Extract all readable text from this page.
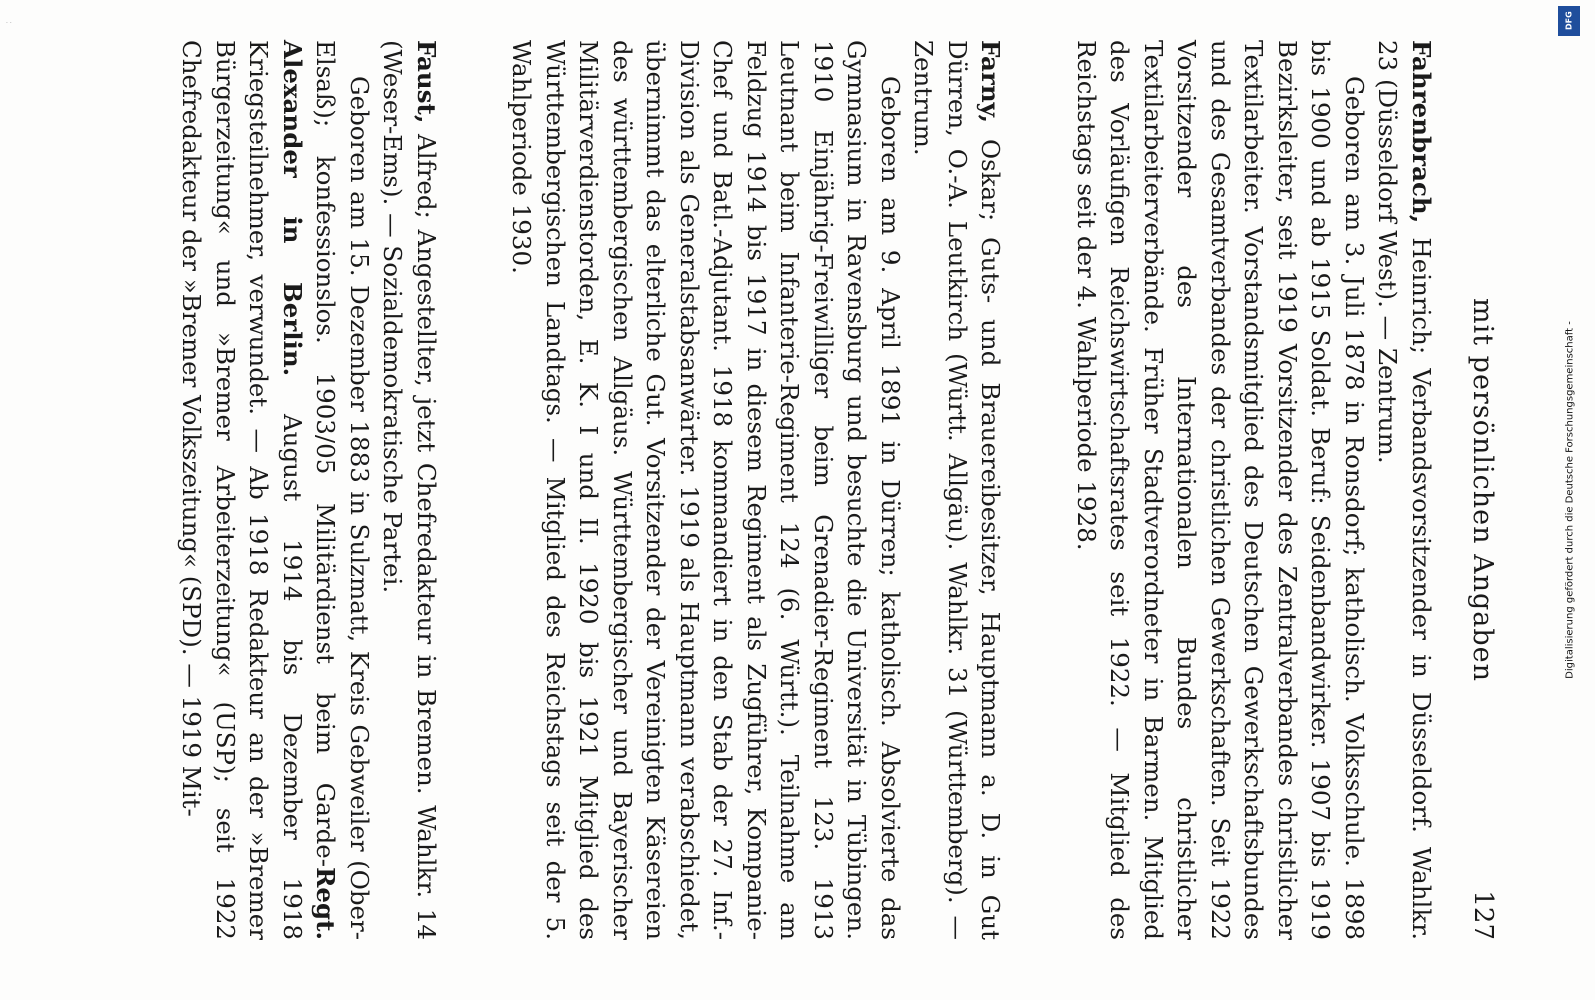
· ·
mit persönlichen Angaben
127

Fahrenbrach, Heinrich; Verbandsvorsitzender in Düsseldorf. Wahlkr. 23 (Düsseldorf West). — Zentrum.

Geboren am 3. Juli 1878 in Ronsdorf; katholisch. Volksschule. 1898 bis 1900 und ab 1915 Soldat. Beruf: Seidenbandwirker. 1907 bis 1919 Bezirksleiter, seit 1919 Vorsitzender des Zentralverbandes christlicher Textilarbeiter. Vorstandsmitglied des Deutschen Gewerkschaftsbundes und des Gesamtverbandes der christlichen Gewerkschaften. Seit 1922 Vorsitzender des Internationalen Bundes christlicher Textilarbeiterverbände. Früher Stadtverordneter in Barmen. Mitglied des Vorläufigen Reichswirtschaftsrates seit 1922. — Mitglied des Reichstags seit der 4. Wahlperiode 1928.

Farny, Oskar; Guts- und Brauereibesitzer, Hauptmann a. D. in Gut Dürren, O.-A. Leutkirch (Württ. Allgäu). Wahlkr. 31 (Württemberg). — Zentrum.

Geboren am 9. April 1891 in Dürren; katholisch. Absolvierte das Gymnasium in Ravensburg und besuchte die Universität in Tübingen. 1910 Einjährig-Freiwilliger beim Grenadier-Regiment 123. 1913 Leutnant beim Infanterie-Regiment 124 (6. Württ.). Teilnahme am Feldzug 1914 bis 1917 in diesem Regiment als Zugführer, Kompanie-Chef und Batl.-Adjutant. 1918 kommandiert in den Stab der 27. Inf.-Division als Generalstabsanwärter. 1919 als Hauptmann verabschiedet, übernimmt das elterliche Gut. Vorsitzender der Vereinigten Käsereien des württembergischen Allgäus. Württembergischer und Bayerischer Militärverdienstorden, E. K. I und II. 1920 bis 1921 Mitglied des Württembergischen Landtags. — Mitglied des Reichstags seit der 5. Wahlperiode 1930.

Faust, Alfred; Angestellter, jetzt Chefredakteur in Bremen. Wahlkr. 14 (Weser-Ems). — Sozialdemokratische Partei.

Geboren am 15. Dezember 1883 in Sulzmatt, Kreis Gebweiler (Ober-Elsaß); konfessionslos. 1903/05 Militärdienst beim Garde-Regt. Alexander in Berlin. August 1914 bis Dezember 1918 Kriegsteilnehmer, verwundet. — Ab 1918 Redakteur an der »Bremer Bürgerzeitung« und »Bremer Arbeiterzeitung« (USP); seit 1922 Chefredakteur der »Bremer Volkszeitung« (SPD). — 1919 Mit-	Digitalisierung gefördert durch die Deutsche Forschungsgemeinschaft -
DFG
